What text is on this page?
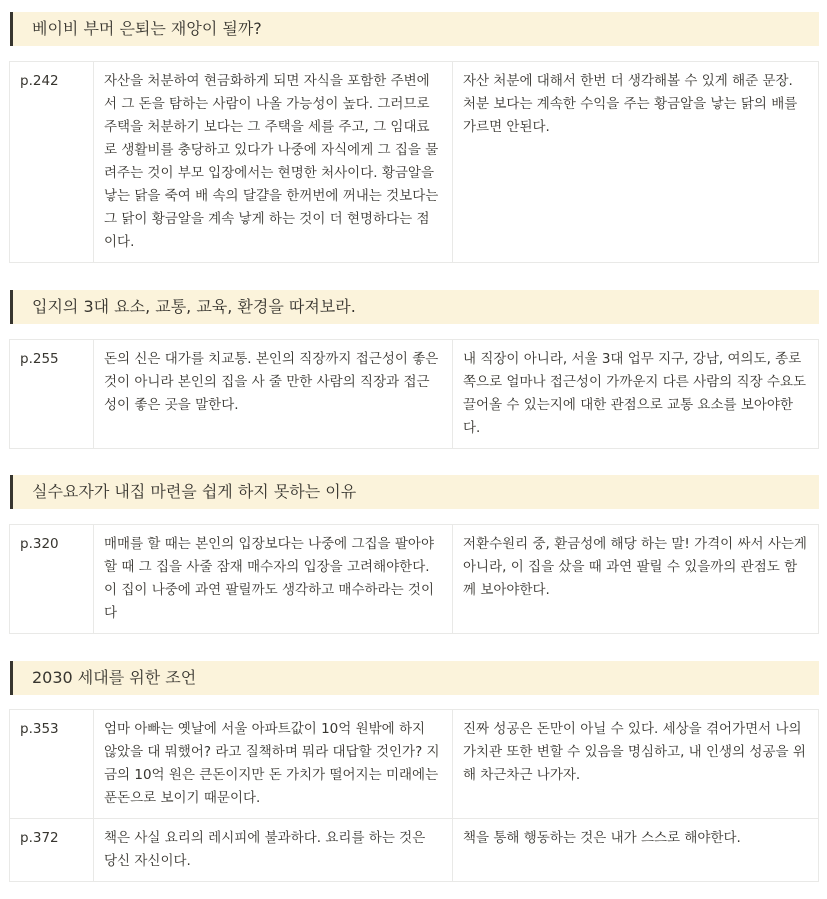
베이비 부머 은퇴는 재앙이 될까?
p.242	자산을 처분하여 현금화하게 되면 자식을 포함한 주변에서 그 돈을 탐하는 사람이 나올 가능성이 높다. 그러므로 주택을 처분하기 보다는 그 주택을 세를 주고, 그 임대료로 생활비를 충당하고 있다가 나중에 자식에게 그 집을 물려주는 것이 부모 입장에서는 현명한 처사이다. 황금알을 낳는 닭을 죽여 배 속의 달걀을 한꺼번에 꺼내는 것보다는 그 닭이 황금알을 계속 낳게 하는 것이 더 현명하다는 점이다.	자산 처분에 대해서 한번 더 생각해볼 수 있게 해준 문장. 처분 보다는 계속한 수익을 주는 황금알을 낳는 닭의 배를 가르면 안된다.
입지의 3대 요소, 교통, 교육, 환경을 따져보라.
p.255	돈의 신은 대가를 치교통. 본인의 직장까지 접근성이 좋은 것이 아니라 본인의 집을 사 줄 만한 사람의 직장과 접근성이 좋은 곳을 말한다.	내 직장이 아니라, 서울 3대 업무 지구, 강남, 여의도, 종로 쪽으로 얼마나 접근성이 가까운지 다른 사람의 직장 수요도 끌어올 수 있는지에 대한 관점으로 교통 요소를 보아야한다.
실수요자가 내집 마련을 쉽게 하지 못하는 이유
p.320	매매를 할 때는 본인의 입장보다는 나중에 그집을 팔아야할 때 그 집을 사줄 잠재 매수자의 입장을 고려해야한다. 이 집이 나중에 과연 팔릴까도 생각하고 매수하라는 것이다	저환수원리 중, 환금성에 해당 하는 말! 가격이 싸서 사는게 아니라, 이 집을 샀을 때 과연 팔릴 수 있을까의 관점도 함께 보아야한다.
2030 세대를 위한 조언
p.353	엄마 아빠는 옛날에 서울 아파트값이 10억 원밖에 하지 않았을 대 뭐했어? 라고 질책하며 뭐라 대답할 것인가? 지금의 10억 원은 큰돈이지만 돈 가치가 떨어지는 미래에는 푼돈으로 보이기 때문이다.	진짜 성공은 돈만이 아닐 수 있다. 세상을 겪어가면서 나의 가치관 또한 변할 수 있음을 명심하고, 내 인생의 성공을 위해 차근차근 나가자.
p.372	책은 사실 요리의 레시피에 불과하다. 요리를 하는 것은 당신 자신이다.	책을 통해 행동하는 것은 내가 스스로 해야한다.
